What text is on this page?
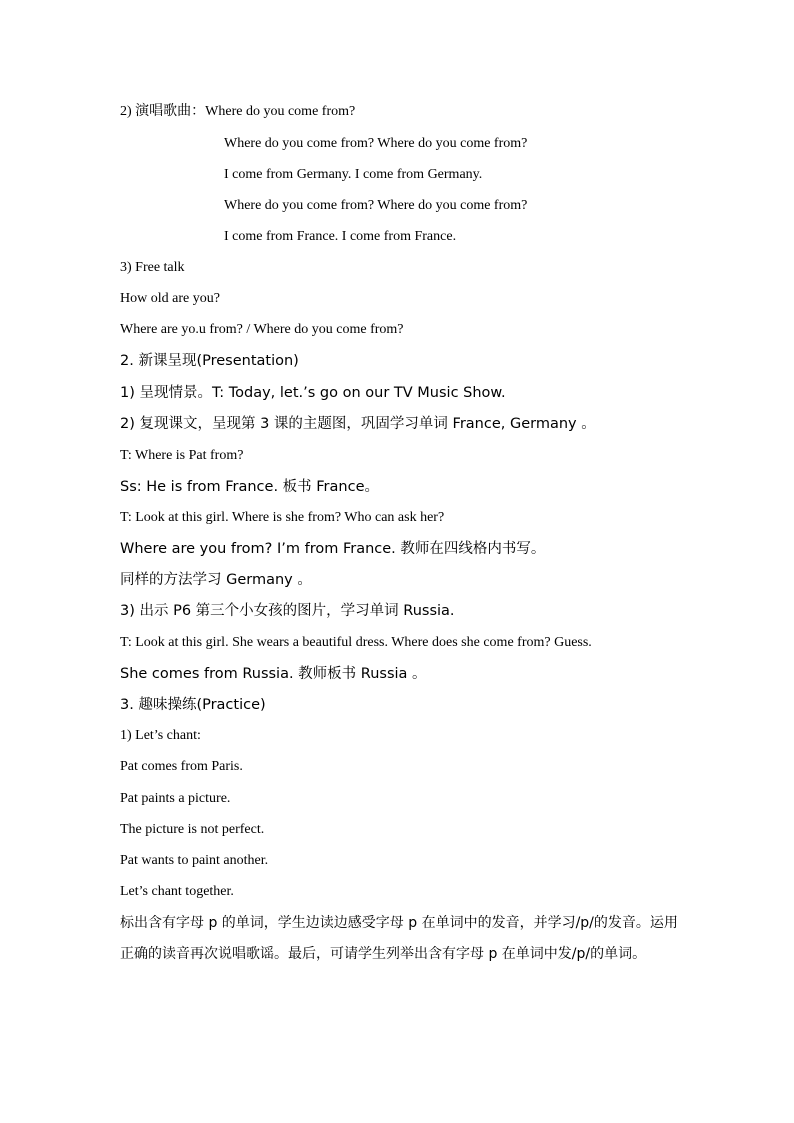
2) 演唱歌曲：Where do you come from?
Where do you come from? Where do you come from?
I come from Germany. I come from Germany.
Where do you come from? Where do you come from?
I come from France. I come from France.
3) Free talk
How old are you?
Where are yo.u from? / Where do you come from?
2. 新课呈现(Presentation)
1) 呈现情景。T: Today, let.’s go on our TV Music Show.
2) 复现课文，呈现第 3 课的主题图，巩固学习单词 France, Germany 。
T: Where is Pat from?
Ss: He is from France. 板书 France。
T: Look at this girl. Where is she from? Who can ask her?
Where are you from? I’m from France. 教师在四线格内书写。
同样的方法学习 Germany 。
3) 出示 P6 第三个小女孩的图片，学习单词 Russia.
T: Look at this girl. She wears a beautiful dress. Where does she come from? Guess.
She comes from Russia. 教师板书 Russia 。
3. 趣味操练(Practice)
1) Let’s chant:
Pat comes from Paris.
Pat paints a picture.
The picture is not perfect.
Pat wants to paint another.
Let’s chant together.
标出含有字母 p 的单词，学生边读边感受字母 p 在单词中的发音，并学习/p/的发音。运用正确的读音再次说唱歌谣。最后，可请学生列举出含有字母 p 在单词中发/p/的单词。
